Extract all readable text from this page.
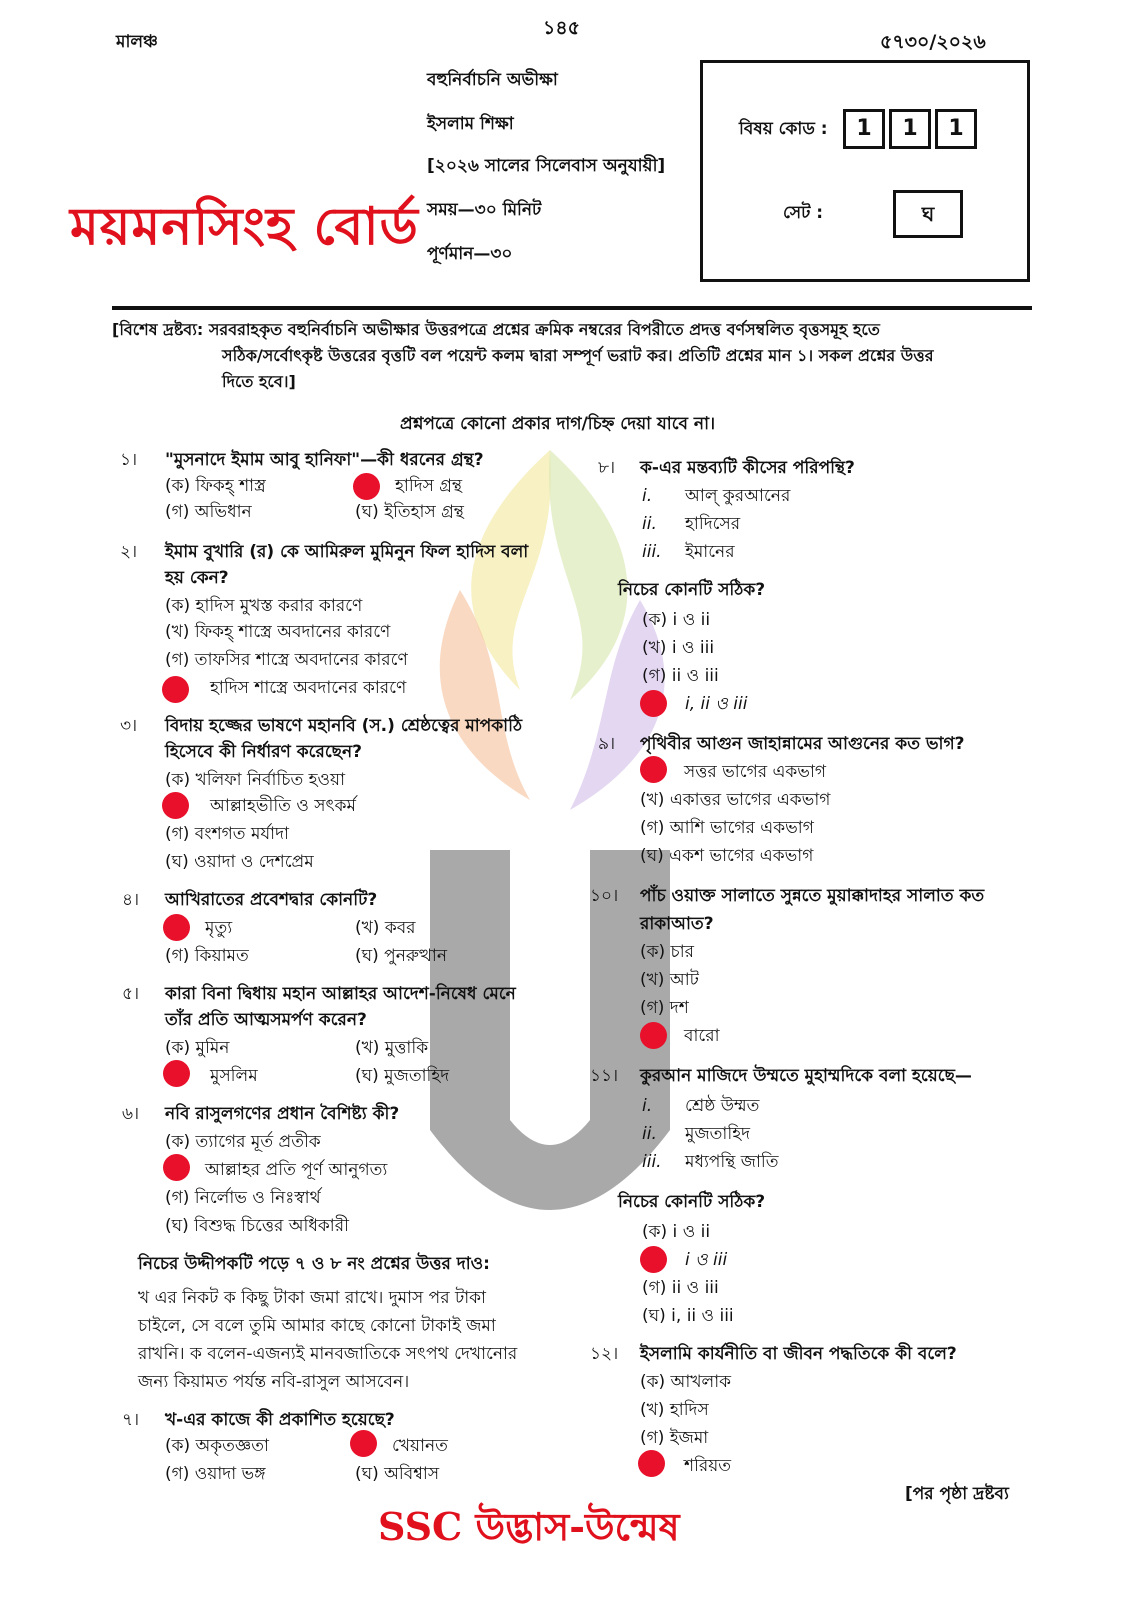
মালঞ্চ
১৪৫
৫৭৩০/২০২৬
বহুনির্বাচনি অভীক্ষা
ইসলাম শিক্ষা
[২০২৬ সালের সিলেবাস অনুযায়ী]
সময়—৩০ মিনিট
পূর্ণমান—৩০
ময়মনসিংহ বোর্ড
বিষয় কোড :	1	1	1
সেট :	ঘ
[বিশেষ দ্রষ্টব্য: সরবরাহকৃত বহুনির্বাচনি অভীক্ষার উত্তরপত্রে প্রশ্নের ক্রমিক নম্বরের বিপরীতে প্রদত্ত বর্ণসম্বলিত বৃত্তসমূহ হতে
সঠিক/সর্বোৎকৃষ্ট উত্তরের বৃত্তটি বল পয়েন্ট কলম দ্বারা সম্পূর্ণ ভরাট কর। প্রতিটি প্রশ্নের মান ১। সকল প্রশ্নের উত্তর
দিতে হবে।]
প্রশ্নপত্রে কোনো প্রকার দাগ/চিহ্ন দেয়া যাবে না।
১। "মুসনাদে ইমাম আবু হানিফা"—কী ধরনের গ্রন্থ?
(ক) ফিকহ্ শাস্ত্র	হাদিস গ্রন্থ
(গ) অভিধান	(ঘ) ইতিহাস গ্রন্থ
২। ইমাম বুখারি (র) কে আমিরুল মুমিনুন ফিল হাদিস বলা
হয় কেন?
(ক) হাদিস মুখস্ত করার কারণে
(খ) ফিকহ্ শাস্ত্রে অবদানের কারণে
(গ) তাফসির শাস্ত্রে অবদানের কারণে
হাদিস শাস্ত্রে অবদানের কারণে
৩। বিদায় হজ্জের ভাষণে মহানবি (স.) শ্রেষ্ঠত্বের মাপকাঠি
হিসেবে কী নির্ধারণ করেছেন?
(ক) খলিফা নির্বাচিত হওয়া
আল্লাহভীতি ও সৎকর্ম
(গ) বংশগত মর্যাদা
(ঘ) ওয়াদা ও দেশপ্রেম
৪। আখিরাতের প্রবেশদ্বার কোনটি?
মৃত্যু	(খ) কবর
(গ) কিয়ামত	(ঘ) পুনরুত্থান
৫। কারা বিনা দ্বিধায় মহান আল্লাহর আদেশ-নিষেধ মেনে
তাঁর প্রতি আত্মসমর্পণ করেন?
(ক) মুমিন	(খ) মুত্তাকি
মুসলিম	(ঘ) মুজতাহিদ
৬। নবি রাসুলগণের প্রধান বৈশিষ্ট্য কী?
(ক) ত্যাগের মূর্ত প্রতীক
আল্লাহর প্রতি পূর্ণ আনুগত্য
(গ) নির্লোভ ও নিঃস্বার্থ
(ঘ) বিশুদ্ধ চিত্তের অধিকারী
নিচের উদ্দীপকটি পড়ে ৭ ও ৮ নং প্রশ্নের উত্তর দাও:
খ এর নিকট ক কিছু টাকা জমা রাখে। দুমাস পর টাকা
চাইলে, সে বলে তুমি আমার কাছে কোনো টাকাই জমা
রাখনি। ক বলেন-এজন্যই মানবজাতিকে সৎপথ দেখানোর
জন্য কিয়ামত পর্যন্ত নবি-রাসুল আসবেন।
৭। খ-এর কাজে কী প্রকাশিত হয়েছে?
(ক) অকৃতজ্ঞতা	খেয়ানত
(গ) ওয়াদা ভঙ্গ	(ঘ) অবিশ্বাস
৮। ক-এর মন্তব্যটি কীসের পরিপন্থি?
i. আল্ কুরআনের
ii. হাদিসের
iii. ইমানের
নিচের কোনটি সঠিক?
(ক) i ও ii
(খ) i ও iii
(গ) ii ও iii
i, ii ও iii
৯। পৃথিবীর আগুন জাহান্নামের আগুনের কত ভাগ?
সত্তর ভাগের একভাগ
(খ) একাত্তর ভাগের একভাগ
(গ) আশি ভাগের একভাগ
(ঘ) একশ ভাগের একভাগ
১০। পাঁচ ওয়াক্ত সালাতে সুন্নতে মুয়াক্কাদাহর সালাত কত
রাকাআত?
(ক) চার
(খ) আট
(গ) দশ
বারো
১১। কুরআন মাজিদে উম্মতে মুহাম্মদিকে বলা হয়েছে—
i. শ্রেষ্ঠ উম্মত
ii. মুজতাহিদ
iii. মধ্যপন্থি জাতি
নিচের কোনটি সঠিক?
(ক) i ও ii
i ও iii
(গ) ii ও iii
(ঘ) i, ii ও iii
১২। ইসলামি কার্যনীতি বা জীবন পদ্ধতিকে কী বলে?
(ক) আখলাক
(খ) হাদিস
(গ) ইজমা
শরিয়ত
[পর পৃষ্ঠা দ্রষ্টব্য
SSC উদ্ভাস-উন্মেষ
